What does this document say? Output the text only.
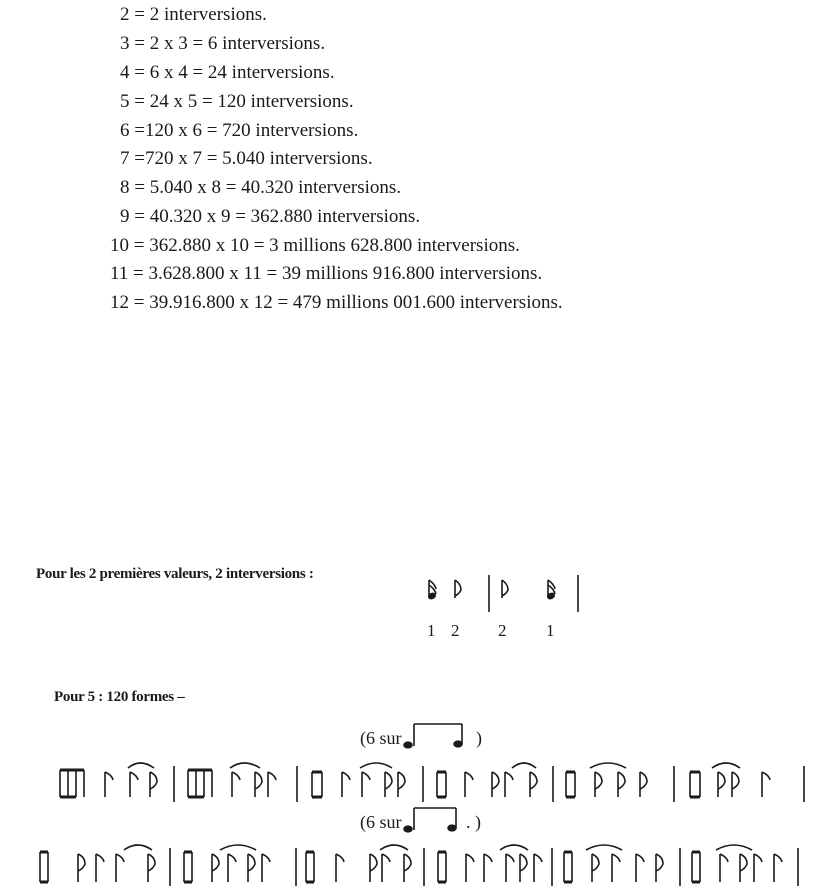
2 = 2 interversions.
3 = 2 x 3 = 6 interversions.
4 = 6 x 4 = 24 interversions.
5 = 24 x 5 = 120 interversions.
6 =120 x 6 = 720 interversions.
7 =720 x 7 = 5.040 interversions.
8 = 5.040 x 8 = 40.320 interversions.
9 = 40.320 x 9 = 362.880 interversions.
10 = 362.880 x 10 = 3 millions 628.800 interversions.
11 = 3.628.800 x 11 = 39 millions 916.800 interversions.
12 = 39.916.800 x 12 = 479 millions 001.600 interversions.
Pour les 2 premières valeurs, 2 interversions :
1 2 2 1
Pour 5 : 120 formes –
(6 sur	)
(6 sur	. )
